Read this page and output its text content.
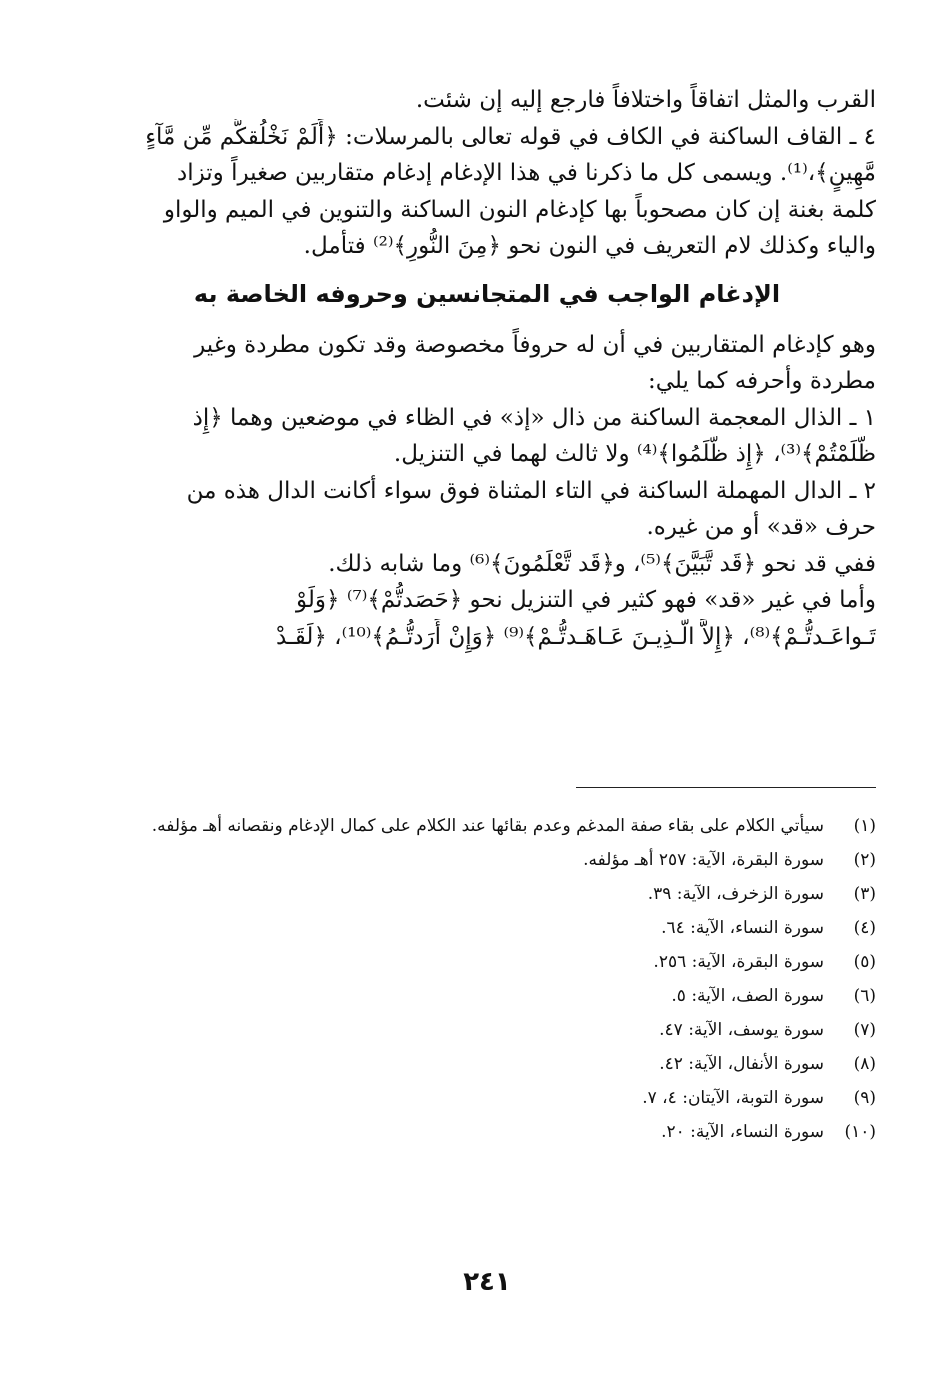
القرب والمثل اتفاقاً واختلافاً فارجع إليه إن شئت.
٤ ـ القاف الساكنة في الكاف في قوله تعالى بالمرسلات: ﴿أَلَمْ نَخْلُقكُّم مِّن مَّآءٍ
مَّهِينٍ﴾،⁽¹⁾. ويسمى كل ما ذكرنا في هذا الإدغام إدغام متقاربين صغيراً وتزاد
كلمة بغنة إن كان مصحوباً بها كإدغام النون الساكنة والتنوين في الميم والواو
والياء وكذلك لام التعريف في النون نحو ﴿مِنَ النُّورِ﴾⁽²⁾ فتأمل.
الإدغام الواجب في المتجانسين وحروفه الخاصة به
وهو كإدغام المتقاربين في أن له حروفاً مخصوصة وقد تكون مطردة وغير
مطردة وأحرفه كما يلي:
١ ـ الذال المعجمة الساكنة من ذال «إذ» في الظاء في موضعين وهما ﴿إِذ
ظَّلَمْتُمْ﴾⁽³⁾، ﴿إِذ ظَّلَمُوا﴾⁽⁴⁾ ولا ثالث لهما في التنزيل.
٢ ـ الدال المهملة الساكنة في التاء المثناة فوق سواء أكانت الدال هذه من
حرف «قد» أو من غيره.
ففي قد نحو ﴿قَد تَّبَيَّنَ﴾⁽⁵⁾، و﴿قَد تَّعْلَمُونَ﴾⁽⁶⁾ وما شابه ذلك.
وأما في غير «قد» فهو كثير في التنزيل نحو ﴿حَصَدتُّمْ﴾⁽⁷⁾ ﴿وَلَوْ
تَـواعَـدتُّـمْ﴾⁽⁸⁾، ﴿إِلاَّ الَّـذِيـنَ عَـاهَـدتُّـمْ﴾⁽⁹⁾ ﴿وَإِنْ أَرَدتُّـمُ﴾⁽¹⁰⁾، ﴿لَقَـدْ
(١)
سيأتي الكلام على بقاء صفة المدغم وعدم بقائها عند الكلام على كمال الإدغام ونقصانه أهـ مؤلفه.
(٢)
سورة البقرة، الآية: ٢٥٧ أهـ مؤلفه.
(٣)
سورة الزخرف، الآية: ٣٩.
(٤)
سورة النساء، الآية: ٦٤.
(٥)
سورة البقرة، الآية: ٢٥٦.
(٦)
سورة الصف، الآية: ٥.
(٧)
سورة يوسف، الآية: ٤٧.
(٨)
سورة الأنفال، الآية: ٤٢.
(٩)
سورة التوبة، الآيتان: ٤، ٧.
(١٠)
سورة النساء، الآية: ٢٠.
٢٤١
